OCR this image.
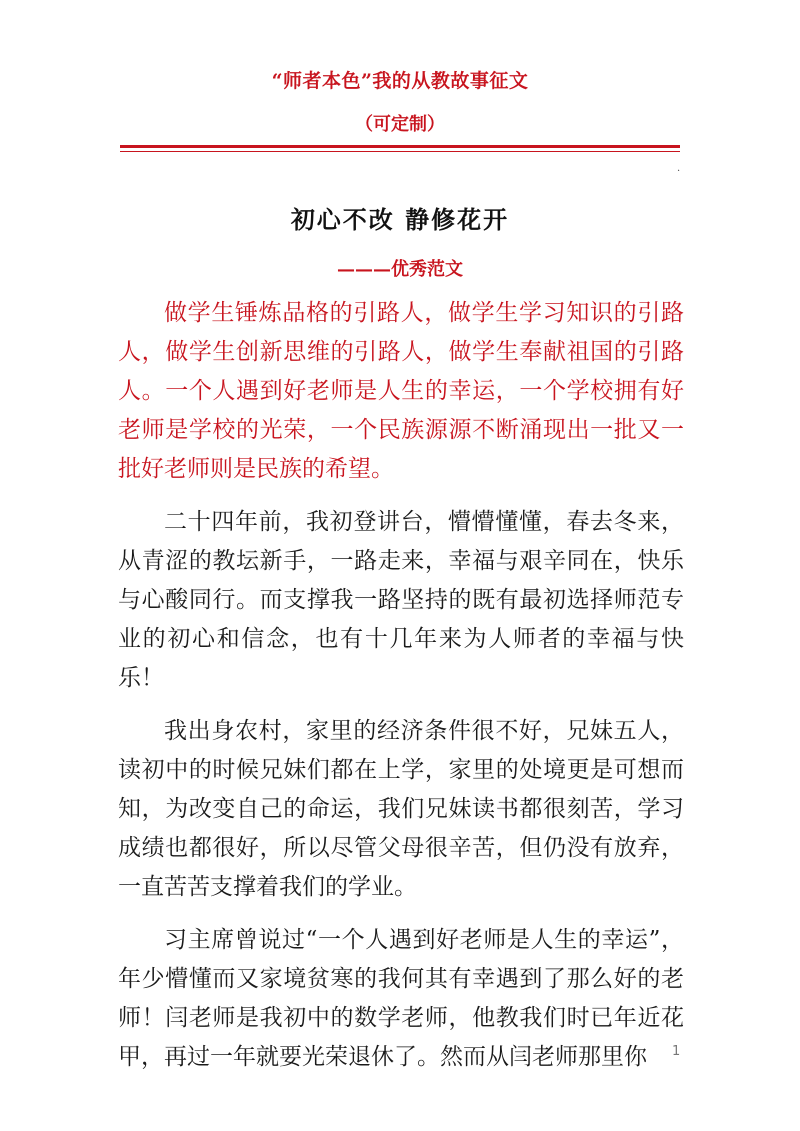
“师者本色”我的从教故事征文
（可定制）
·
初心不改 静修花开
———优秀范文

做学生锤炼品格的引路人，做学生学习知识的引路人，做学生创新思维的引路人，做学生奉献祖国的引路人。一个人遇到好老师是人生的幸运，一个学校拥有好老师是学校的光荣，一个民族源源不断涌现出一批又一批好老师则是民族的希望。

二十四年前，我初登讲台，懵懵懂懂，春去冬来，从青涩的教坛新手，一路走来，幸福与艰辛同在，快乐与心酸同行。而支撑我一路坚持的既有最初选择师范专业的初心和信念，也有十几年来为人师者的幸福与快乐！

我出身农村，家里的经济条件很不好，兄妹五人，读初中的时候兄妹们都在上学，家里的处境更是可想而知，为改变自己的命运，我们兄妹读书都很刻苦，学习成绩也都很好，所以尽管父母很辛苦，但仍没有放弃，一直苦苦支撑着我们的学业。

习主席曾说过“一个人遇到好老师是人生的幸运”，年少懵懂而又家境贫寒的我何其有幸遇到了那么好的老师！闫老师是我初中的数学老师，他教我们时已年近花甲，再过一年就要光荣退休了。然而从闫老师那里你	1
